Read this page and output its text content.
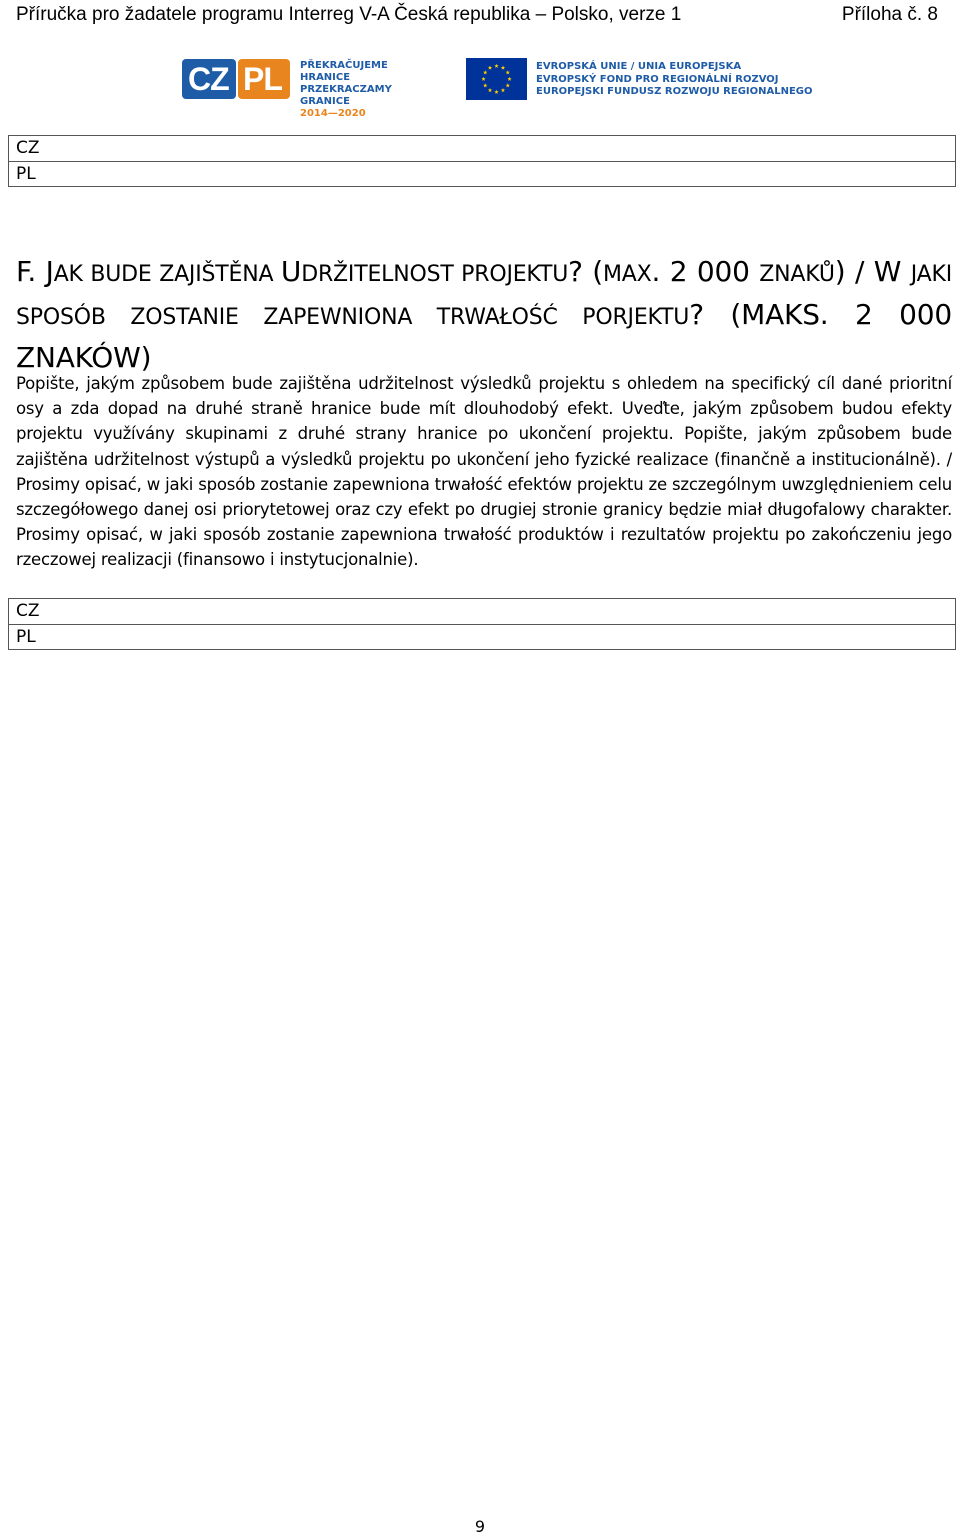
Příručka pro žadatele programu Interreg V-A Česká republika – Polsko, verze 1	Příloha č. 8
CZ PL PŘEKRAČUJEME HRANICE
PRZEKRACZAMY GRANICE
2014—2020
EVROPSKÁ UNIE / UNIA EUROPEJSKA
EVROPSKÝ FOND PRO REGIONÁLNÍ ROZVOJ
EUROPEJSKI FUNDUSZ ROZWOJU REGIONALNEGO
CZ
PL
F. JAK BUDE ZAJIŠTĚNA UDRŽITELNOST PROJEKTU? (MAX. 2 000 ZNAKŮ) / W JAKI SPOSÓB ZOSTANIE ZAPEWNIONA TRWAŁOŚĆ PORJEKTU? (MAKS. 2 000 ZNAKÓW)

Popište, jakým způsobem bude zajištěna udržitelnost výsledků projektu s ohledem na specifický cíl dané prioritní osy a zda dopad na druhé straně hranice bude mít dlouhodobý efekt. Uveďte, jakým způsobem budou efekty projektu využívány skupinami z druhé strany hranice po ukončení projektu. Popište, jakým způsobem bude zajištěna udržitelnost výstupů a výsledků projektu po ukončení jeho fyzické realizace (finančně a institucionálně). / Prosimy opisać, w jaki sposób zostanie zapewniona trwałość efektów projektu ze szczególnym uwzględnieniem celu szczegółowego danej osi priorytetowej oraz czy efekt po drugiej stronie granicy będzie miał długofalowy charakter. Prosimy opisać, w jaki sposób zostanie zapewniona trwałość produktów i rezultatów projektu po zakończeniu jego rzeczowej realizacji (finansowo i instytucjonalnie).

CZ
PL
9
